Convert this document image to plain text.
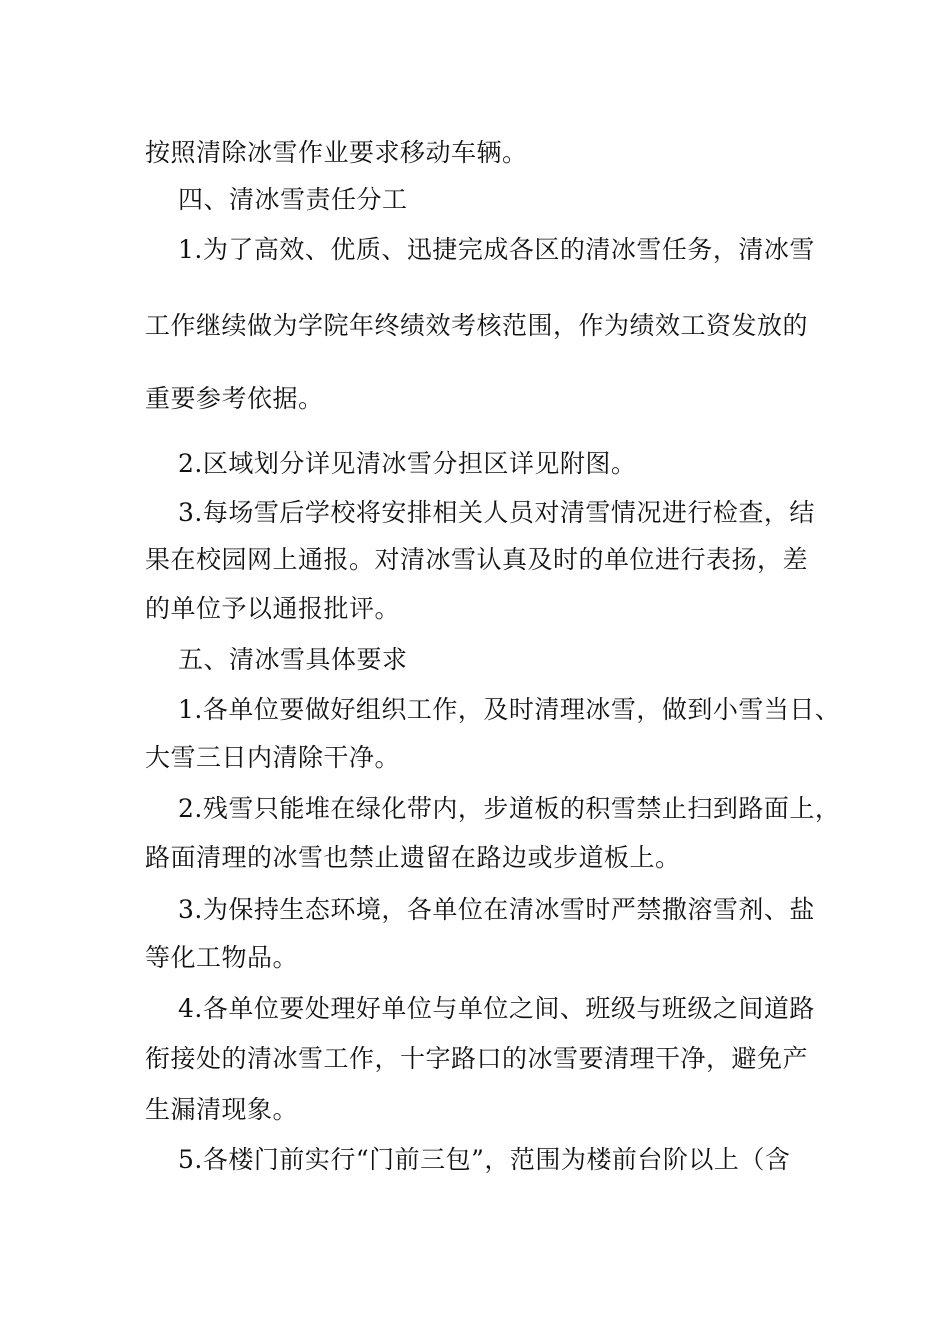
按照清除冰雪作业要求移动车辆。
四、清冰雪责任分工
1.为了高效、优质、迅捷完成各区的清冰雪任务，清冰雪
工作继续做为学院年终绩效考核范围，作为绩效工资发放的
重要参考依据。
2.区域划分详见清冰雪分担区详见附图。
3.每场雪后学校将安排相关人员对清雪情况进行检查，结
果在校园网上通报。对清冰雪认真及时的单位进行表扬，差
的单位予以通报批评。
五、清冰雪具体要求
1.各单位要做好组织工作，及时清理冰雪，做到小雪当日、
大雪三日内清除干净。
2.残雪只能堆在绿化带内，步道板的积雪禁止扫到路面上，
路面清理的冰雪也禁止遗留在路边或步道板上。
3.为保持生态环境，各单位在清冰雪时严禁撒溶雪剂、盐
等化工物品。
4.各单位要处理好单位与单位之间、班级与班级之间道路
衔接处的清冰雪工作，十字路口的冰雪要清理干净，避免产
生漏清现象。
5.各楼门前实行“门前三包”，范围为楼前台阶以上（含
